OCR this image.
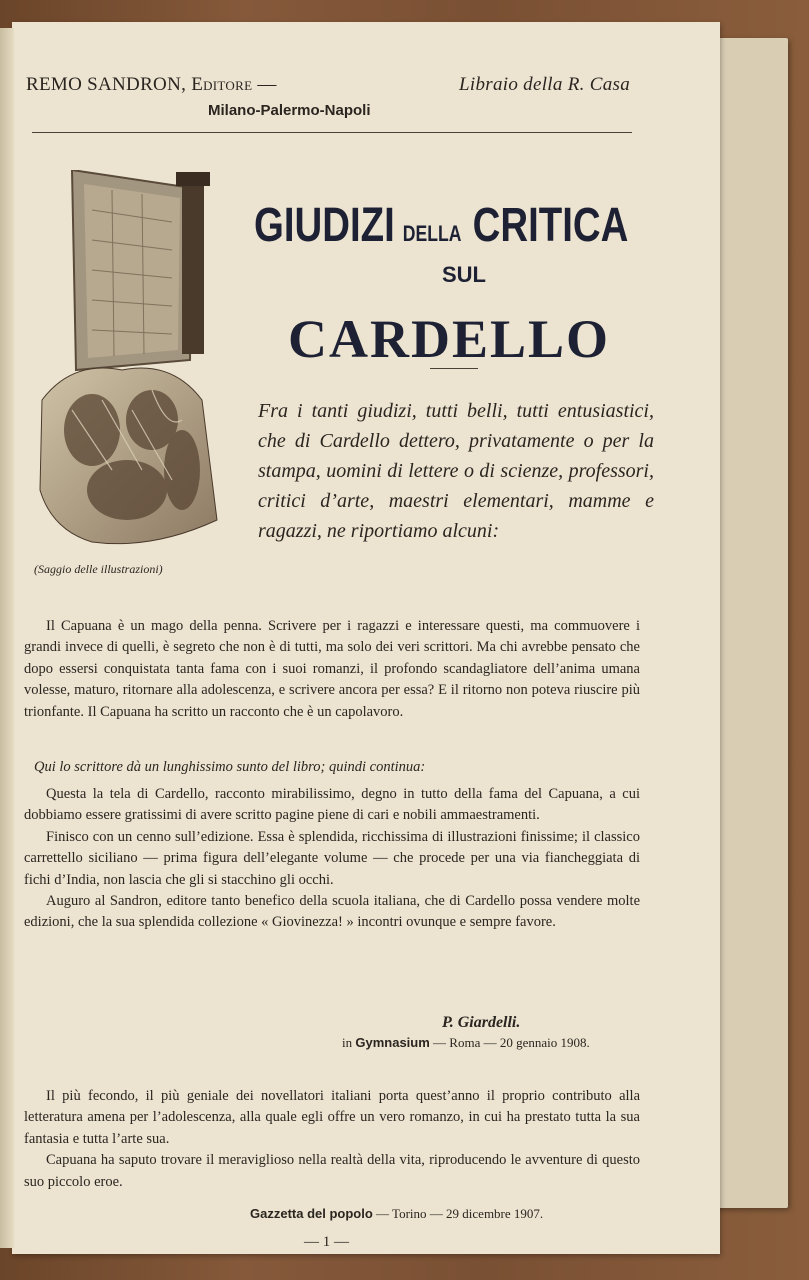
REMO SANDRON, Editore —	Libraio della R. Casa
Milano-Palermo-Napoli
(Saggio delle illustrazioni)
GIUDIZI DELLA CRITICA
SUL
CARDELLO
Fra i tanti giudizi, tutti belli, tutti entusiastici, che di Cardello dettero, privatamente o per la stampa, uomini di lettere o di scienze, professori, critici d’arte, maestri elementari, mamme e ragazzi, ne riportiamo alcuni:

Il Capuana è un mago della penna. Scrivere per i ragazzi e interessare questi, ma commuovere i grandi invece di quelli, è segreto che non è di tutti, ma solo dei veri scrittori. Ma chi avrebbe pensato che dopo essersi conquistata tanta fama con i suoi romanzi, il profondo scandagliatore dell’anima umana volesse, maturo, ritornare alla adolescenza, e scrivere ancora per essa? E il ritorno non poteva riuscire più trionfante. Il Capuana ha scritto un racconto che è un capolavoro.

Qui lo scrittore dà un lunghissimo sunto del libro; quindi continua:

Questa la tela di Cardello, racconto mirabilissimo, degno in tutto della fama del Capuana, a cui dobbiamo essere gratissimi di avere scritto pagine piene di cari e nobili ammaestramenti.

Finisco con un cenno sull’edizione. Essa è splendida, ricchissima di illustrazioni finissime; il classico carrettello siciliano — prima figura dell’elegante volume — che procede per una via fiancheggiata di fichi d’India, non lascia che gli si stacchino gli occhi.

Auguro al Sandron, editore tanto benefico della scuola italiana, che di Cardello possa vendere molte edizioni, che la sua splendida collezione « Giovinezza! » incontri ovunque e sempre favore.

P. Giardelli.
in Gymnasium — Roma — 20 gennaio 1908.

Il più fecondo, il più geniale dei novellatori italiani porta quest’anno il proprio contributo alla letteratura amena per l’adolescenza, alla quale egli offre un vero romanzo, in cui ha prestato tutta la sua fantasia e tutta l’arte sua.

Capuana ha saputo trovare il meraviglioso nella realtà della vita, riproducendo le avventure di questo suo piccolo eroe.

Gazzetta del popolo — Torino — 29 dicembre 1907.
— 1 —
